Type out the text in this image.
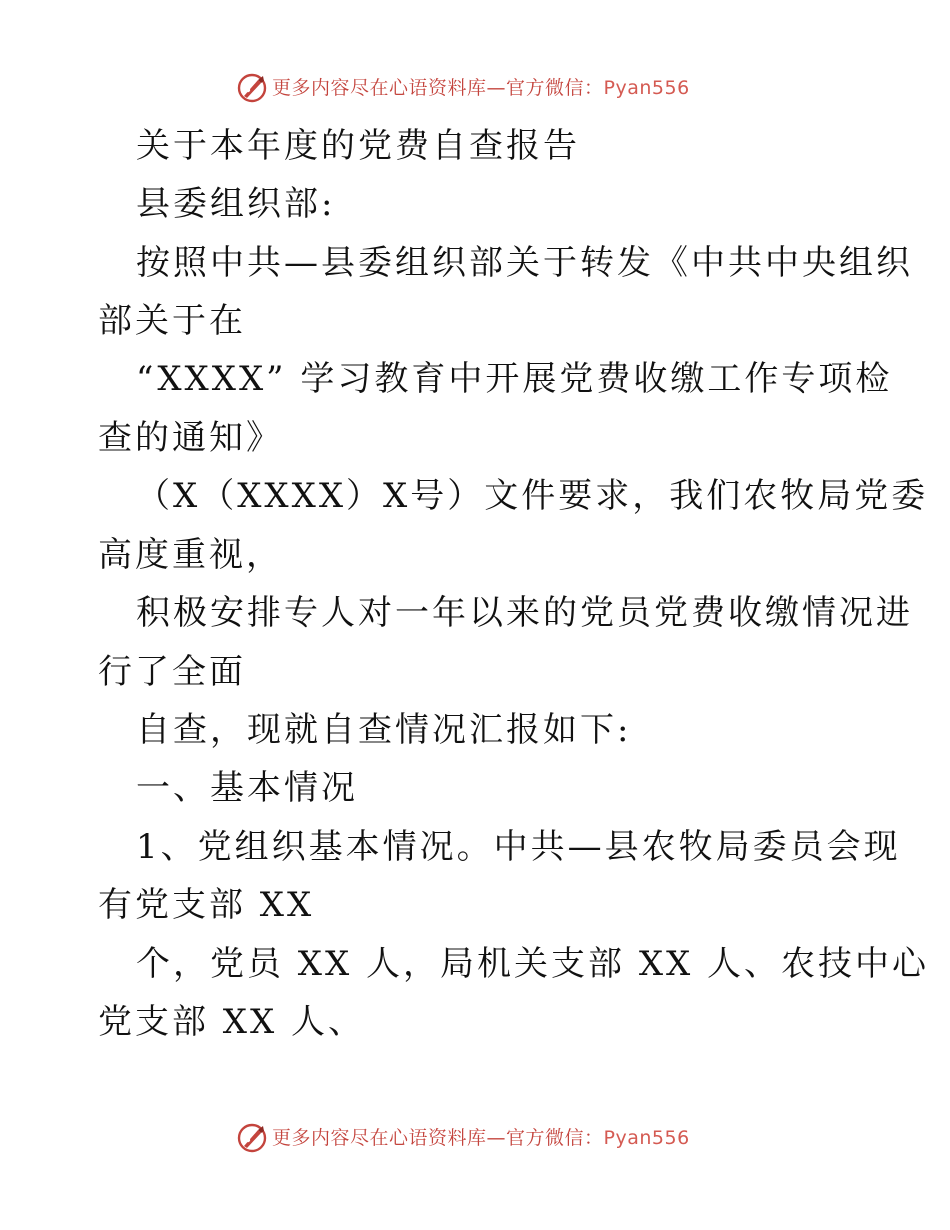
更多内容尽在心语资料库—官方微信：Pyan556
关于本年度的党费自查报告
县委组织部:
按照中共—县委组织部关于转发《中共中央组织
部关于在
“XXXX” 学习教育中开展党费收缴工作专项检
查的通知》
（X（XXXX）X号）文件要求，我们农牧局党委
高度重视，
积极安排专人对一年以来的党员党费收缴情况进
行了全面
自查，现就自查情况汇报如下:
一、基本情况
1、党组织基本情况。中共—县农牧局委员会现
有党支部 XX
个，党员 XX 人，局机关支部 XX 人、农技中心
党支部 XX 人、
更多内容尽在心语资料库—官方微信：Pyan556
